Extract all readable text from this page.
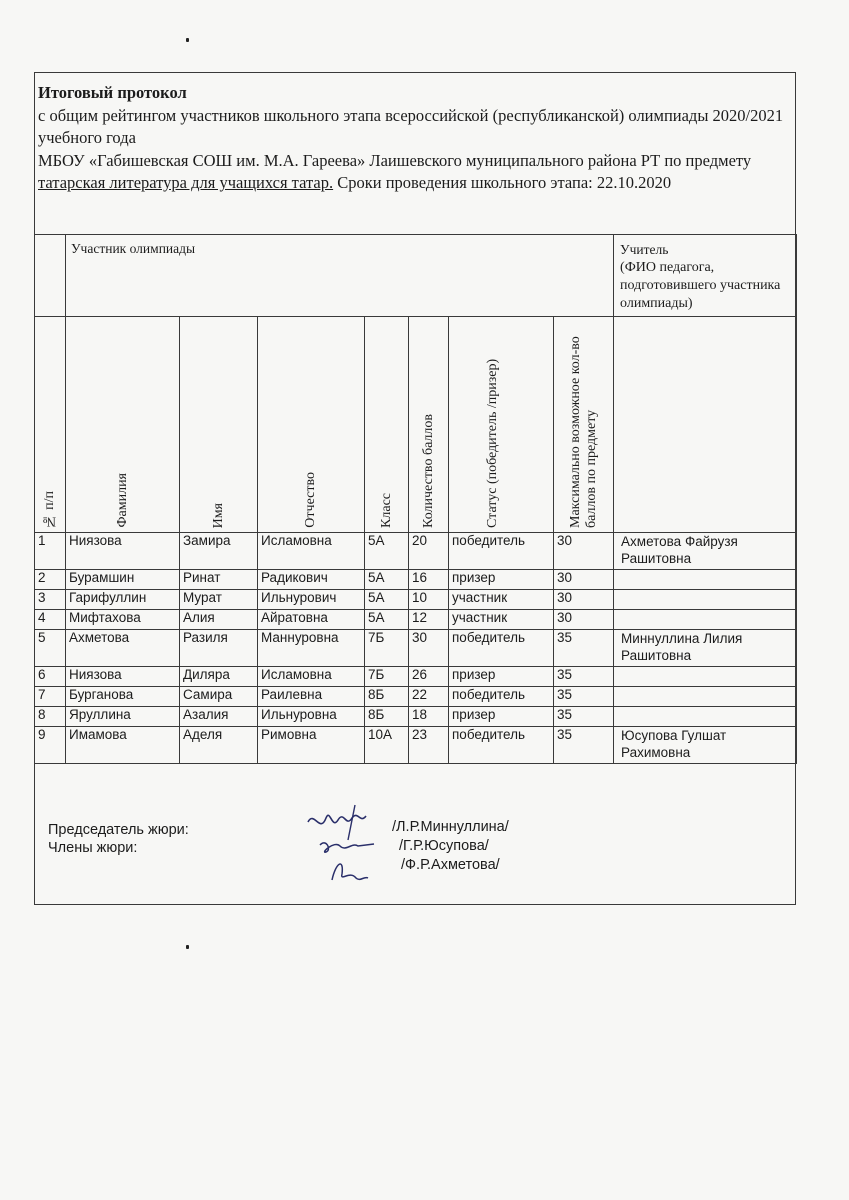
Итоговый протокол
с общим рейтингом участников школьного этапа всероссийской (республиканской) олимпиады 2020/2021 учебного года
МБОУ «Габишевская СОШ им. М.А. Гареева» Лаишевского муниципального района РТ по предмету татарская литература для учащихся татар. Сроки проведения школьного этапа: 22.10.2020
	Участник олимпиады							Учитель
(ФИО педагога, подготовившего участника олимпиады)

№ п/п	Фамилия	Имя	Отчество	Класс	Количество баллов	Статус (победитель /призер)	Максимально возможное кол-во баллов по предмету	

1	Ниязова	Замира	Исламовна	5А	20	победитель	30	Ахметова Файрузя Рашитовна
2	Бурамшин	Ринат	Радикович	5А	16	призер	30	
3	Гарифуллин	Мурат	Ильнурович	5А	10	участник	30	
4	Мифтахова	Алия	Айратовна	5А	12	участник	30	
5	Ахметова	Разиля	Маннуровна	7Б	30	победитель	35	Миннуллина Лилия Рашитовна
6	Ниязова	Диляра	Исламовна	7Б	26	призер	35	
7	Бурганова	Самира	Раилевна	8Б	22	победитель	35	
8	Яруллина	Азалия	Ильнуровна	8Б	18	призер	35	
9	Имамова	Аделя	Римовна	10А	23	победитель	35	Юсупова Гулшат Рахимовна
Председатель жюри:
Члены жюри:
/Л.Р.Миннуллина/
/Г.Р.Юсупова/
/Ф.Р.Ахметова/
